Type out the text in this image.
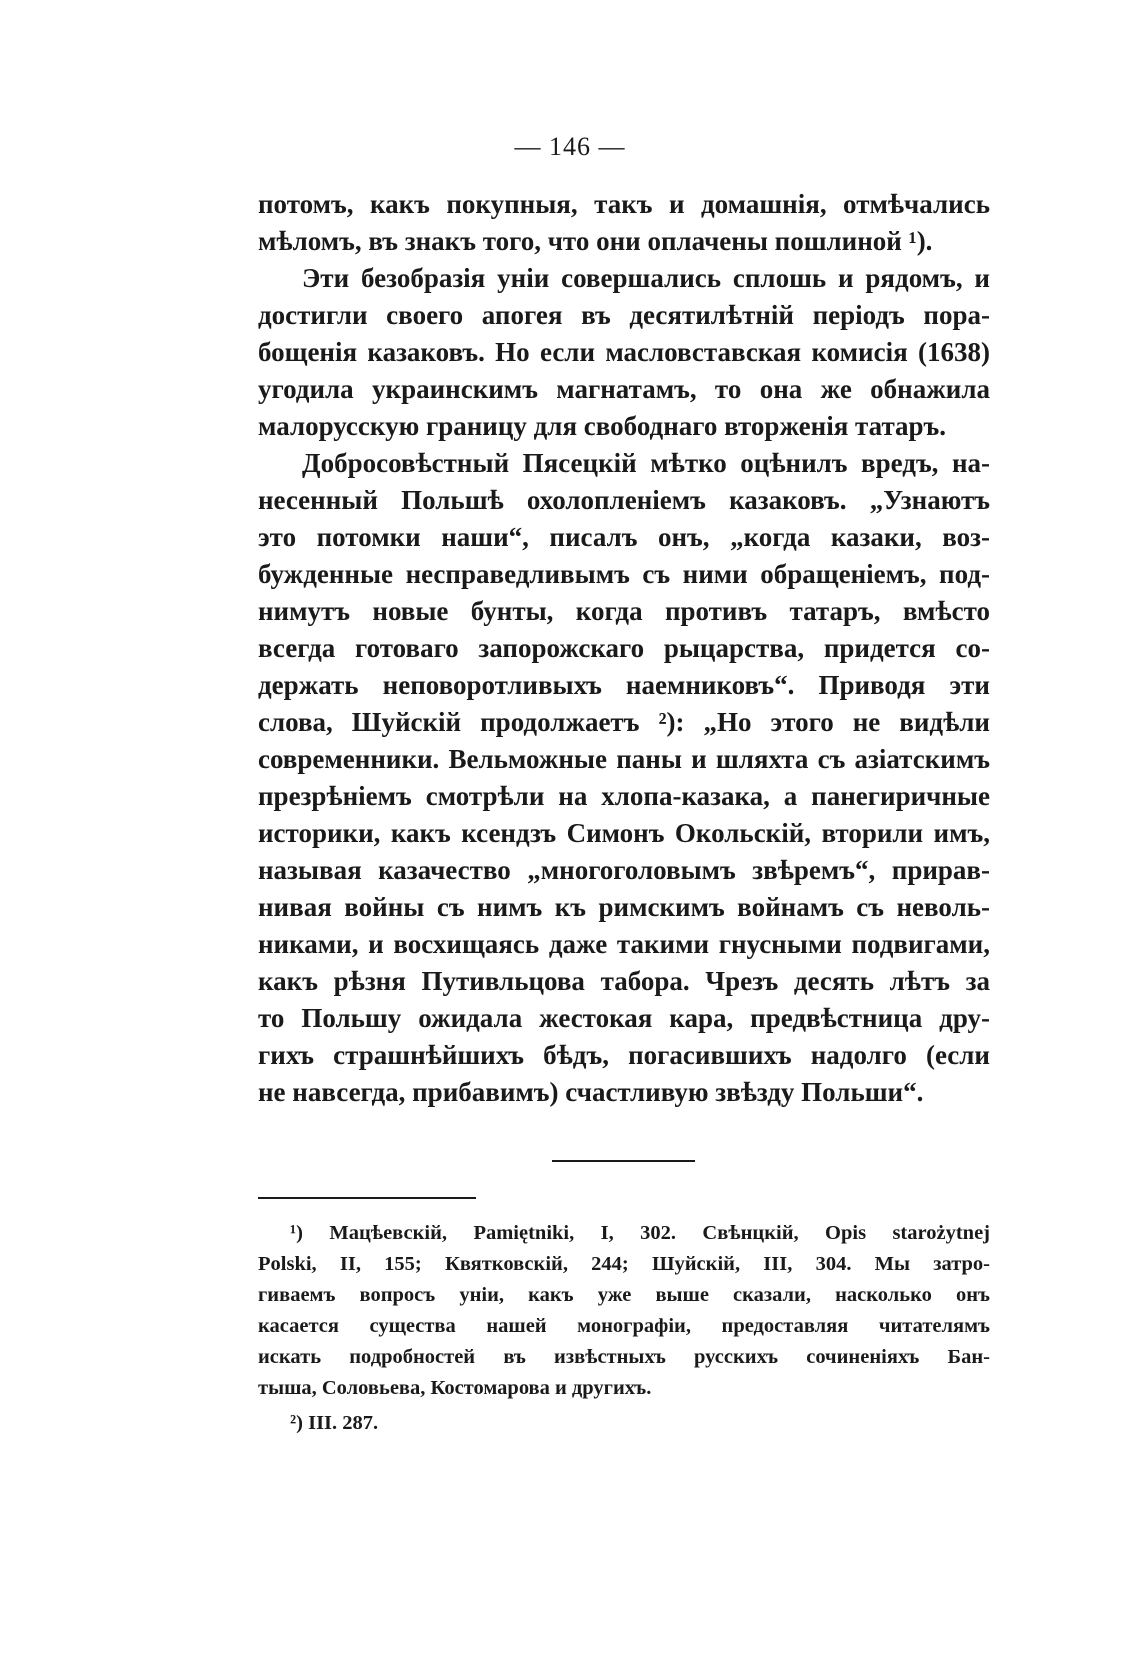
— 146 —
потомъ, какъ покупныя, такъ и домашнія, отмѣчались
мѣломъ, въ знакъ того, что они оплачены пошлиной ¹).
Эти безобразія уніи совершались сплошь и рядомъ, и
достигли своего апогея въ десятилѣтній періодъ пора-
бощенія казаковъ. Но если масловставская комисія (1638)
угодила украинскимъ магнатамъ, то она же обнажила
малорусскую границу для свободнаго вторженія татаръ.
Добросовѣстный Пясецкій мѣтко оцѣнилъ вредъ, на-
несенный Польшѣ охолопленіемъ казаковъ. „Узнаютъ
это потомки наши“, писалъ онъ, „когда казаки, воз-
бужденные несправедливымъ съ ними обращеніемъ, под-
нимутъ новые бунты, когда противъ татаръ, вмѣсто
всегда готоваго запорожскаго рыцарства, придется со-
держать неповоротливыхъ наемниковъ“. Приводя эти
слова, Шуйскій продолжаетъ ²): „Но этого не видѣли
современники. Вельможные паны и шляхта съ азіатскимъ
презрѣніемъ смотрѣли на хлопа-казака, а панегиричные
историки, какъ ксендзъ Симонъ Окольскій, вторили имъ,
называя казачество „многоголовымъ звѣремъ“, прирав-
нивая войны съ нимъ къ римскимъ войнамъ съ неволь-
никами, и восхищаясь даже такими гнусными подвигами,
какъ рѣзня Путивльцова табора. Чрезъ десять лѣтъ за
то Польшу ожидала жестокая кара, предвѣстница дру-
гихъ страшнѣйшихъ бѣдъ, погасившихъ надолго (если
не навсегда, прибавимъ) счастливую звѣзду Польши“.
¹) Мацѣевскій, Pamiętniki, I, 302. Свѣнцкій, Opis starożytnej
Polski, II, 155; Квятковскій, 244; Шуйскій, III, 304. Мы затро-
гиваемъ вопросъ уніи, какъ уже выше сказали, насколько онъ
касается существа нашей монографіи, предоставляя читателямъ
искать подробностей въ извѣстныхъ русскихъ сочиненіяхъ Бан-
тыша, Соловьева, Костомарова и другихъ.
²) III. 287.
